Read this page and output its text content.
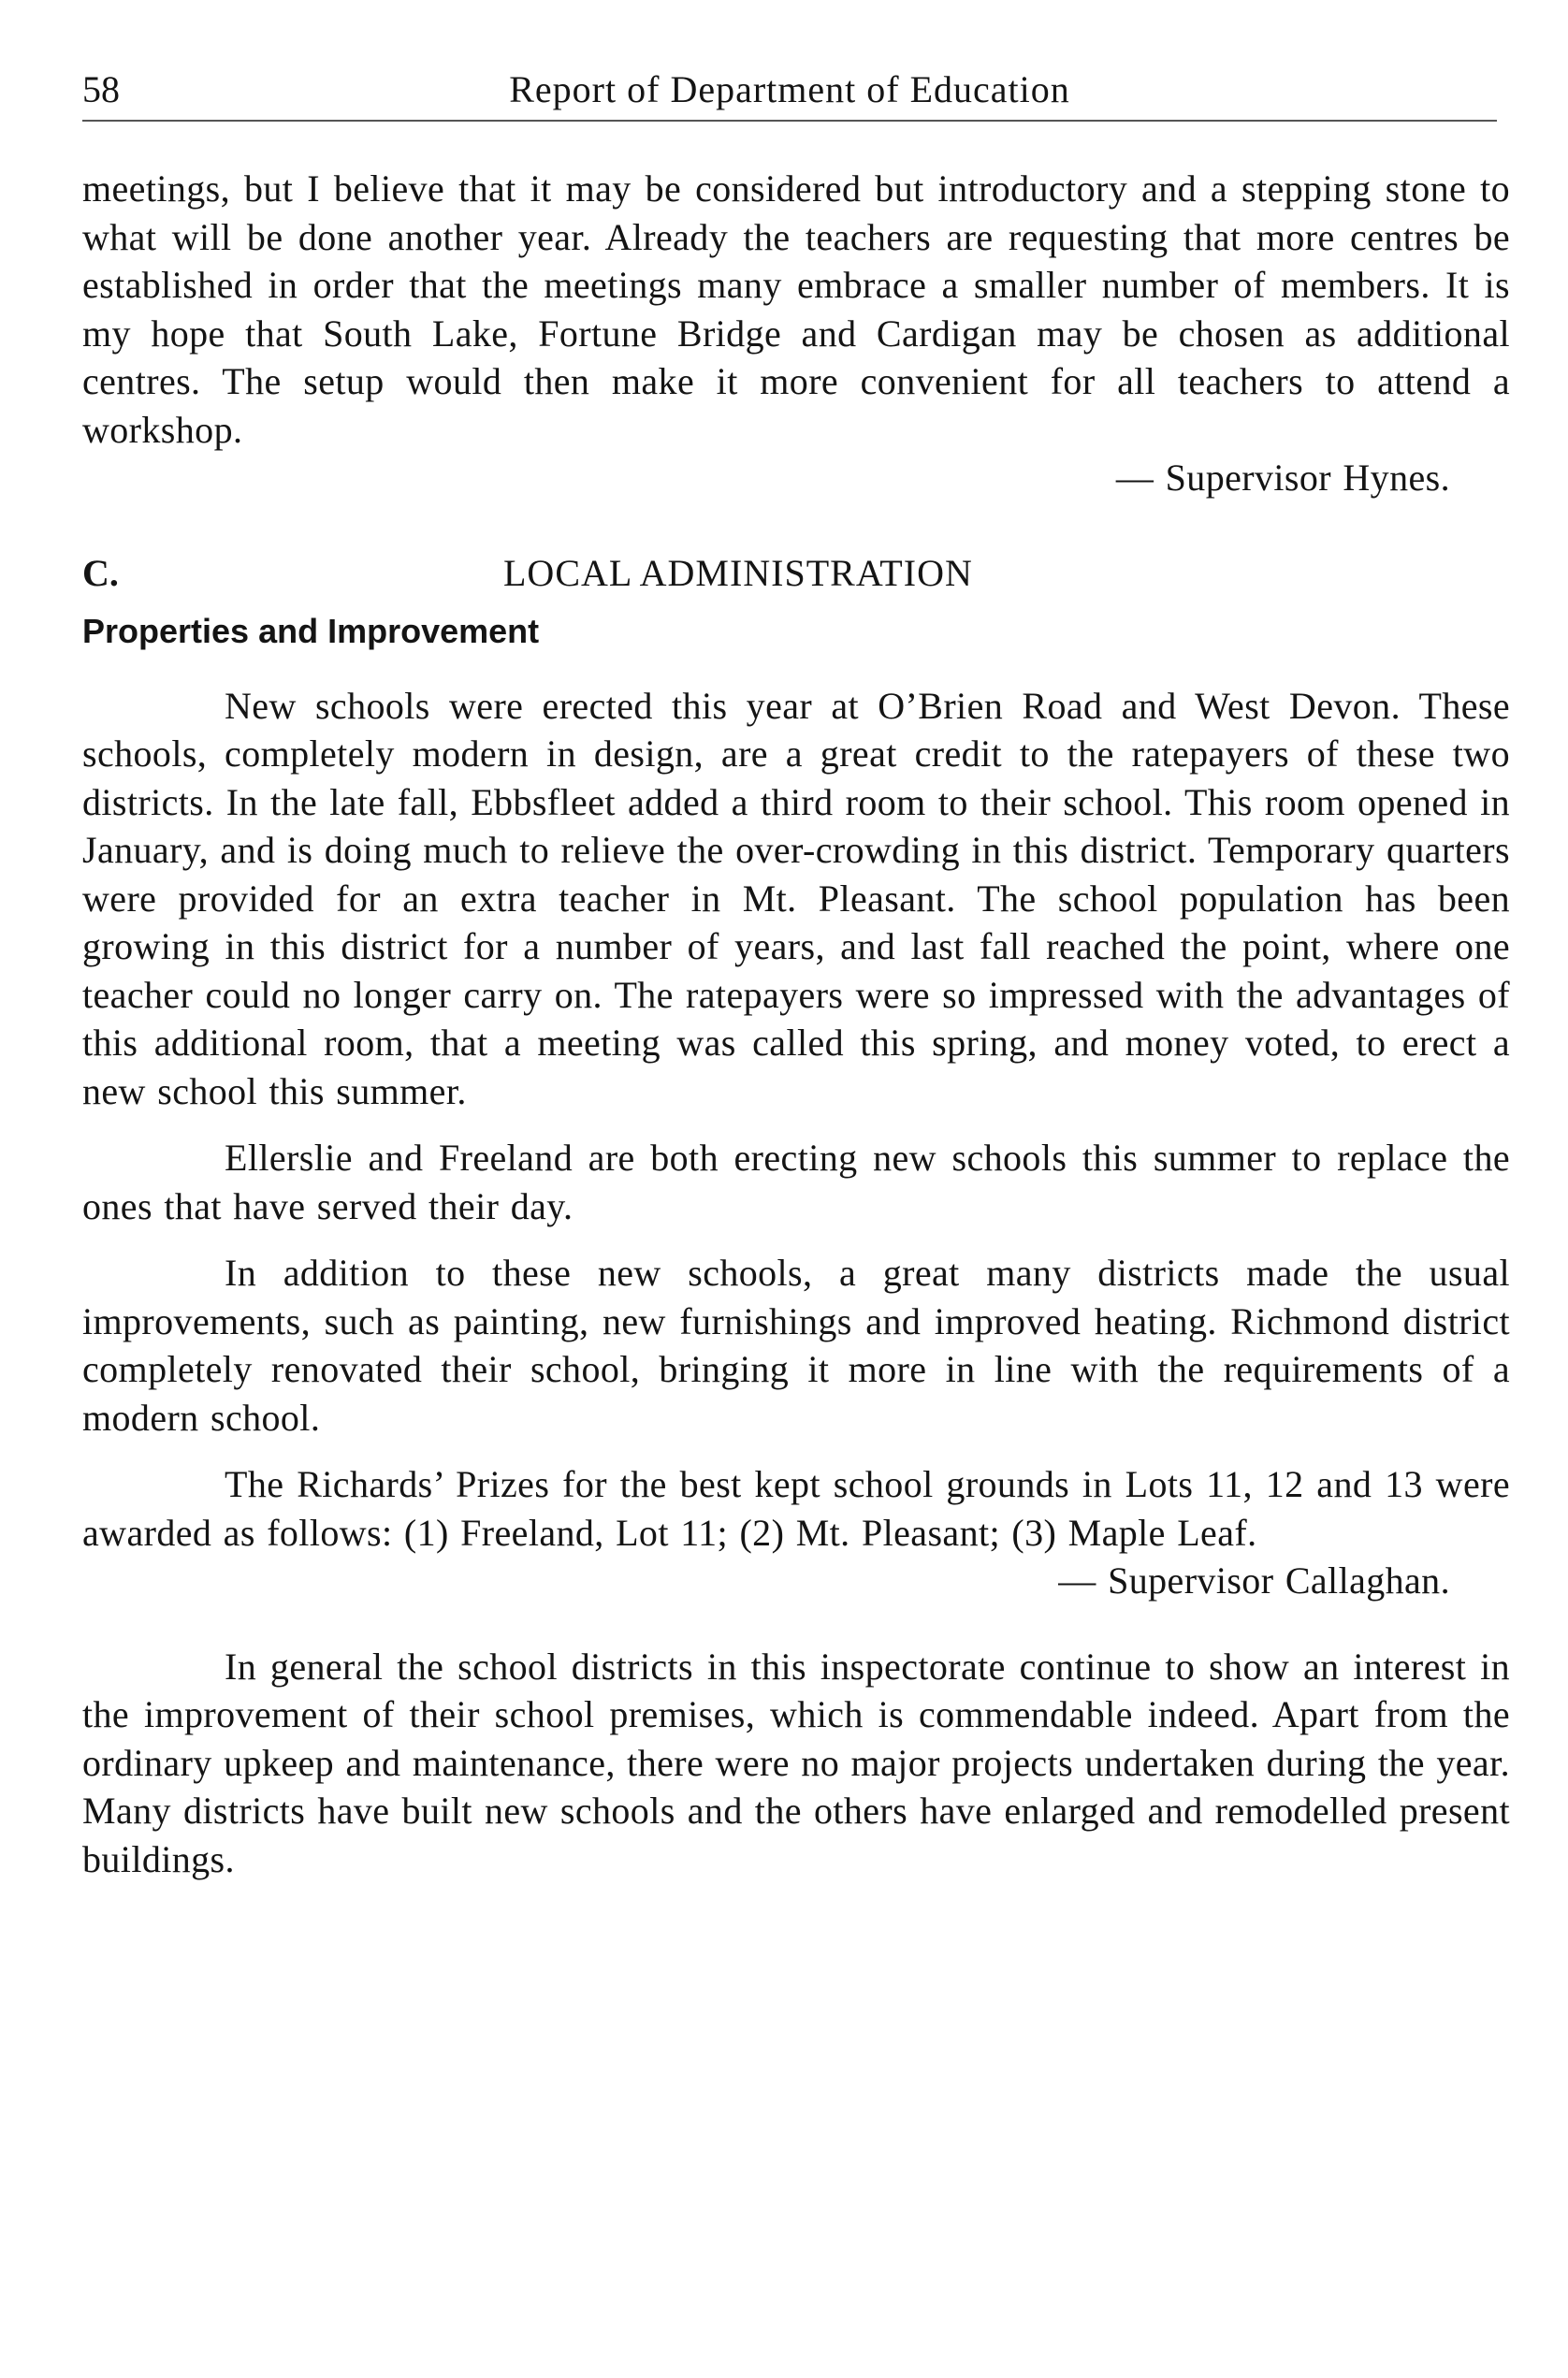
58	Report of Department of Education

meetings, but I believe that it may be considered but introductory and a stepping stone to what will be done another year. Already the teachers are requesting that more centres be established in order that the meetings many embrace a smaller number of members. It is my hope that South Lake, Fortune Bridge and Cardigan may be chosen as additional centres. The setup would then make it more convenient for all teachers to attend a workshop.

— Supervisor Hynes.

C.	LOCAL ADMINISTRATION
Properties and Improvement

New schools were erected this year at O’Brien Road and West Devon. These schools, completely modern in design, are a great credit to the ratepayers of these two districts. In the late fall, Ebbsfleet added a third room to their school. This room opened in January, and is doing much to relieve the over-crowding in this district. Temporary quarters were provided for an extra teacher in Mt. Pleasant. The school population has been growing in this district for a number of years, and last fall reached the point, where one teacher could no longer carry on. The ratepayers were so impressed with the advantages of this additional room, that a meeting was called this spring, and money voted, to erect a new school this summer.

Ellerslie and Freeland are both erecting new schools this summer to replace the ones that have served their day.

In addition to these new schools, a great many districts made the usual improvements, such as painting, new furnishings and improved heating. Richmond district completely renovated their school, bringing it more in line with the requirements of a modern school.

The Richards’ Prizes for the best kept school grounds in Lots 11, 12 and 13 were awarded as follows: (1) Freeland, Lot 11; (2) Mt. Pleasant; (3) Maple Leaf.

— Supervisor Callaghan.

In general the school districts in this inspectorate continue to show an interest in the improvement of their school premises, which is commendable indeed. Apart from the ordinary upkeep and maintenance, there were no major projects undertaken during the year. Many districts have built new schools and the others have enlarged and remodelled present buildings.
